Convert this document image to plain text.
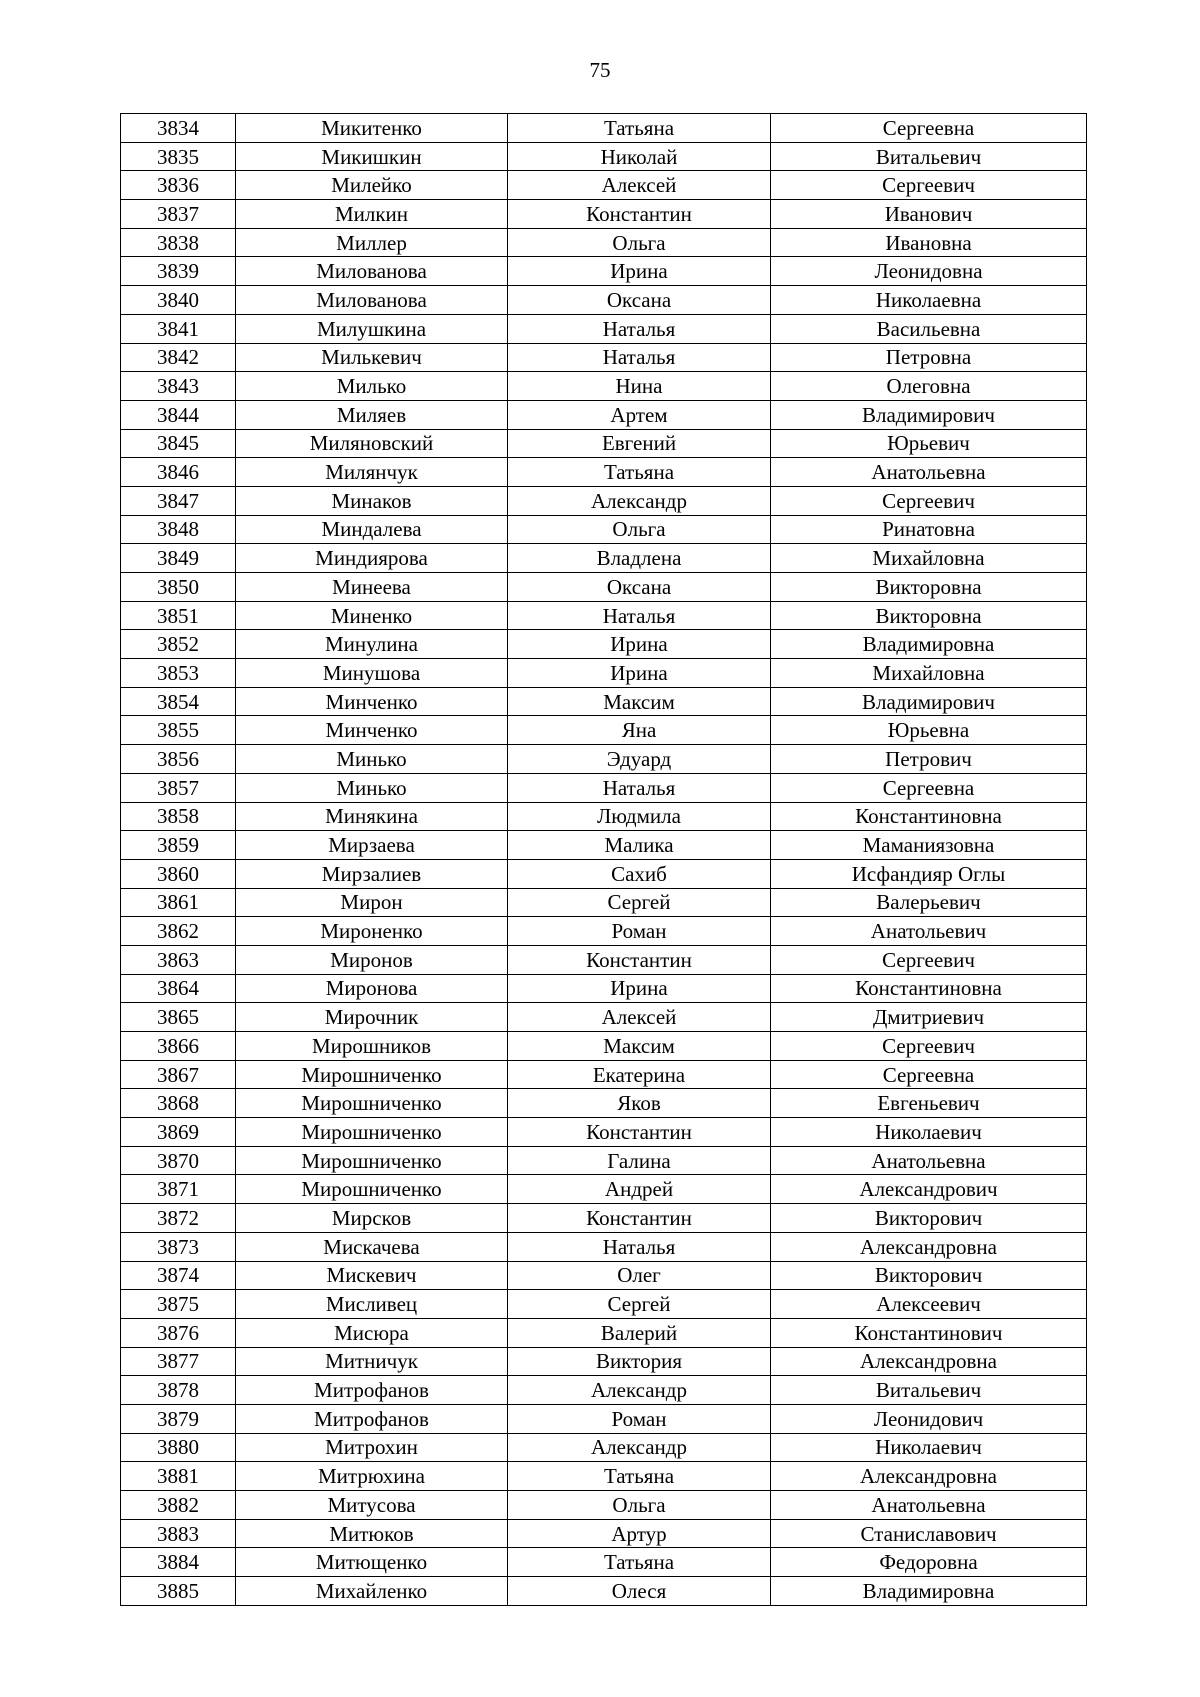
75
3834	Микитенко	Татьяна	Сергеевна
3835	Микишкин	Николай	Витальевич
3836	Милейко	Алексей	Сергеевич
3837	Милкин	Константин	Иванович
3838	Миллер	Ольга	Ивановна
3839	Милованова	Ирина	Леонидовна
3840	Милованова	Оксана	Николаевна
3841	Милушкина	Наталья	Васильевна
3842	Милькевич	Наталья	Петровна
3843	Милько	Нина	Олеговна
3844	Миляев	Артем	Владимирович
3845	Миляновский	Евгений	Юрьевич
3846	Милянчук	Татьяна	Анатольевна
3847	Минаков	Александр	Сергеевич
3848	Миндалева	Ольга	Ринатовна
3849	Миндиярова	Владлена	Михайловна
3850	Минеева	Оксана	Викторовна
3851	Миненко	Наталья	Викторовна
3852	Минулина	Ирина	Владимировна
3853	Минушова	Ирина	Михайловна
3854	Минченко	Максим	Владимирович
3855	Минченко	Яна	Юрьевна
3856	Минько	Эдуард	Петрович
3857	Минько	Наталья	Сергеевна
3858	Минякина	Людмила	Константиновна
3859	Мирзаева	Малика	Маманиязовна
3860	Мирзалиев	Сахиб	Исфандияр Оглы
3861	Мирон	Сергей	Валерьевич
3862	Мироненко	Роман	Анатольевич
3863	Миронов	Константин	Сергеевич
3864	Миронова	Ирина	Константиновна
3865	Мирочник	Алексей	Дмитриевич
3866	Мирошников	Максим	Сергеевич
3867	Мирошниченко	Екатерина	Сергеевна
3868	Мирошниченко	Яков	Евгеньевич
3869	Мирошниченко	Константин	Николаевич
3870	Мирошниченко	Галина	Анатольевна
3871	Мирошниченко	Андрей	Александрович
3872	Мирсков	Константин	Викторович
3873	Мискачева	Наталья	Александровна
3874	Мискевич	Олег	Викторович
3875	Мисливец	Сергей	Алексеевич
3876	Мисюра	Валерий	Константинович
3877	Митничук	Виктория	Александровна
3878	Митрофанов	Александр	Витальевич
3879	Митрофанов	Роман	Леонидович
3880	Митрохин	Александр	Николаевич
3881	Митрюхина	Татьяна	Александровна
3882	Митусова	Ольга	Анатольевна
3883	Митюков	Артур	Станиславович
3884	Митющенко	Татьяна	Федоровна
3885	Михайленко	Олеся	Владимировна
